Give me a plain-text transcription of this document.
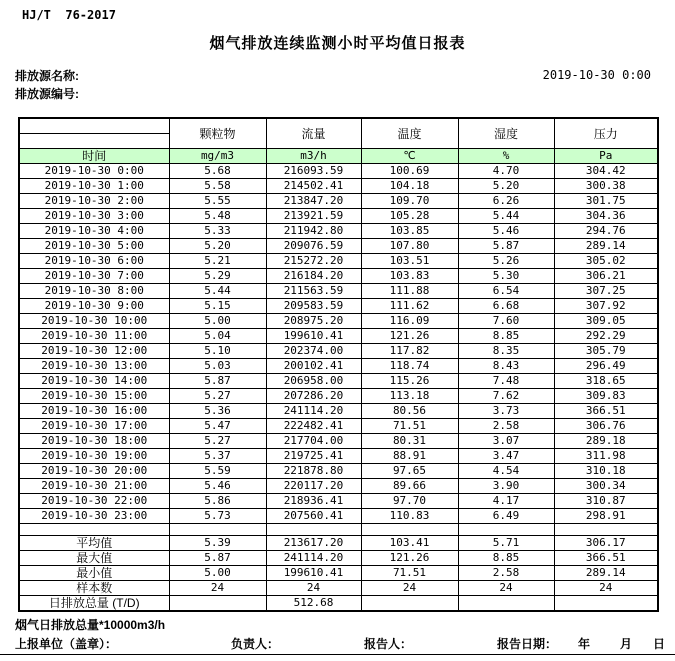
HJ/T  76-2017
烟气排放连续监测小时平均值日报表
排放源名称:
排放源编号:
2019-10-30 0:00
	颗粒物	流量	温度	湿度	压力

时间	mg/m3	m3/h	℃	%	Pa
2019-10-30 0:00	5.68	216093.59	100.69	4.70	304.42
2019-10-30 1:00	5.58	214502.41	104.18	5.20	300.38
2019-10-30 2:00	5.55	213847.20	109.70	6.26	301.75
2019-10-30 3:00	5.48	213921.59	105.28	5.44	304.36
2019-10-30 4:00	5.33	211942.80	103.85	5.46	294.76
2019-10-30 5:00	5.20	209076.59	107.80	5.87	289.14
2019-10-30 6:00	5.21	215272.20	103.51	5.26	305.02
2019-10-30 7:00	5.29	216184.20	103.83	5.30	306.21
2019-10-30 8:00	5.44	211563.59	111.88	6.54	307.25
2019-10-30 9:00	5.15	209583.59	111.62	6.68	307.92
2019-10-30 10:00	5.00	208975.20	116.09	7.60	309.05
2019-10-30 11:00	5.04	199610.41	121.26	8.85	292.29
2019-10-30 12:00	5.10	202374.00	117.82	8.35	305.79
2019-10-30 13:00	5.03	200102.41	118.74	8.43	296.49
2019-10-30 14:00	5.87	206958.00	115.26	7.48	318.65
2019-10-30 15:00	5.27	207286.20	113.18	7.62	309.83
2019-10-30 16:00	5.36	241114.20	80.56	3.73	366.51
2019-10-30 17:00	5.47	222482.41	71.51	2.58	306.76
2019-10-30 18:00	5.27	217704.00	80.31	3.07	289.18
2019-10-30 19:00	5.37	219725.41	88.91	3.47	311.98
2019-10-30 20:00	5.59	221878.80	97.65	4.54	310.18
2019-10-30 21:00	5.46	220117.20	89.66	3.90	300.34
2019-10-30 22:00	5.86	218936.41	97.70	4.17	310.87
2019-10-30 23:00	5.73	207560.41	110.83	6.49	298.91

平均值	5.39	213617.20	103.41	5.71	306.17
最大值	5.87	241114.20	121.26	8.85	366.51
最小值	5.00	199610.41	71.51	2.58	289.14
样本数	24	24	24	24	24
日排放总量 (T/D)		512.68			
烟气日排放总量*10000m3/h
上报单位（盖章）：	负责人：	报告人：	报告日期： 年 月 日
